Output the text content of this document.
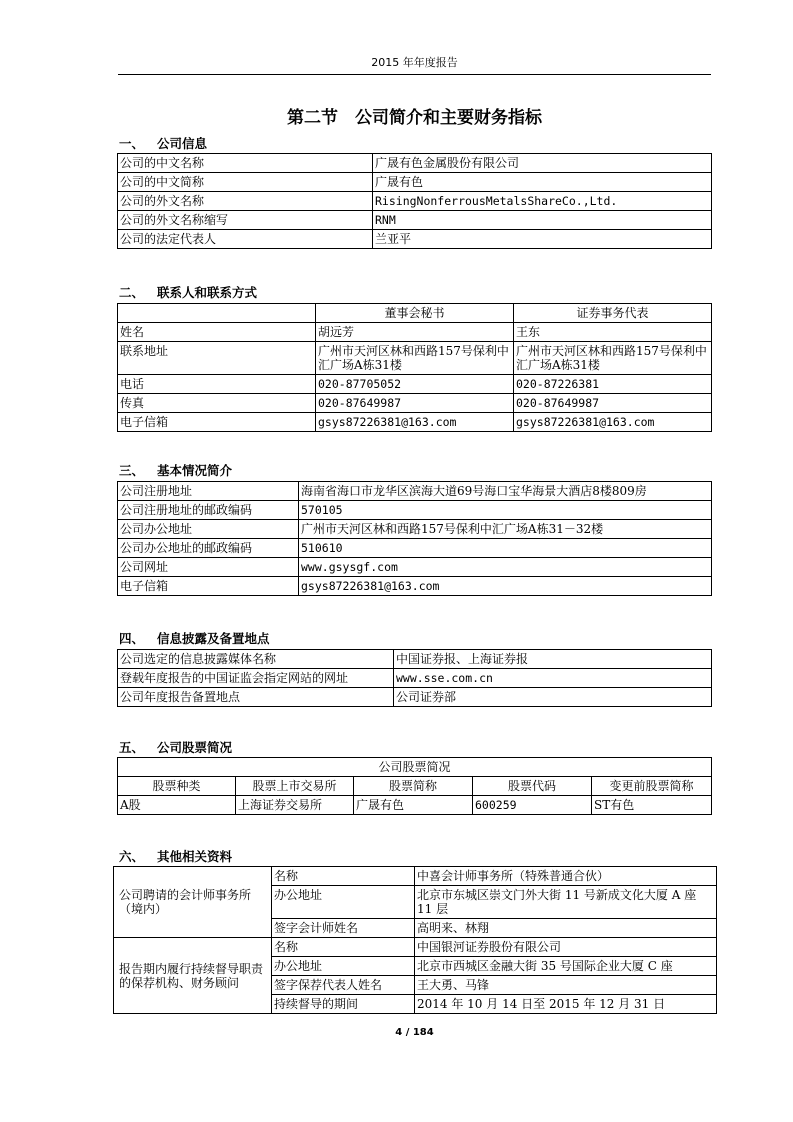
2015 年年度报告
第二节　公司简介和主要财务指标
一、 公司信息
公司的中文名称	广晟有色金属股份有限公司
公司的中文简称	广晟有色
公司的外文名称	RisingNonferrousMetalsShareCo.,Ltd.
公司的外文名称缩写	RNM
公司的法定代表人	兰亚平
二、 联系人和联系方式
	董事会秘书	证券事务代表
姓名	胡远芳	王东
联系地址	广州市天河区林和西路157号保利中汇广场A栋31楼	广州市天河区林和西路157号保利中汇广场A栋31楼
电话	020-87705052	020-87226381
传真	020-87649987	020-87649987
电子信箱	gsys87226381@163.com	gsys87226381@163.com
三、 基本情况简介
公司注册地址	海南省海口市龙华区滨海大道69号海口宝华海景大酒店8楼809房
公司注册地址的邮政编码	570105
公司办公地址	广州市天河区林和西路157号保利中汇广场A栋31－32楼
公司办公地址的邮政编码	510610
公司网址	www.gsysgf.com
电子信箱	gsys87226381@163.com
四、 信息披露及备置地点
公司选定的信息披露媒体名称	中国证券报、上海证券报
登载年度报告的中国证监会指定网站的网址	www.sse.com.cn
公司年度报告备置地点	公司证券部
五、 公司股票简况
公司股票简况				
股票种类	股票上市交易所	股票简称	股票代码	变更前股票简称
A股	上海证券交易所	广晟有色	600259	ST有色
六、 其他相关资料
公司聘请的会计师事务所（境内）	名称	中喜会计师事务所（特殊普通合伙）
	办公地址	北京市东城区崇文门外大街 11 号新成文化大厦 A 座 11 层
	签字会计师姓名	高明来、林翔
报告期内履行持续督导职责的保荐机构、财务顾问	名称	中国银河证券股份有限公司
	办公地址	北京市西城区金融大街 35 号国际企业大厦 C 座
	签字保荐代表人姓名	王大勇、马锋
	持续督导的期间	2014 年 10 月 14 日至 2015 年 12 月 31 日
4 / 184
